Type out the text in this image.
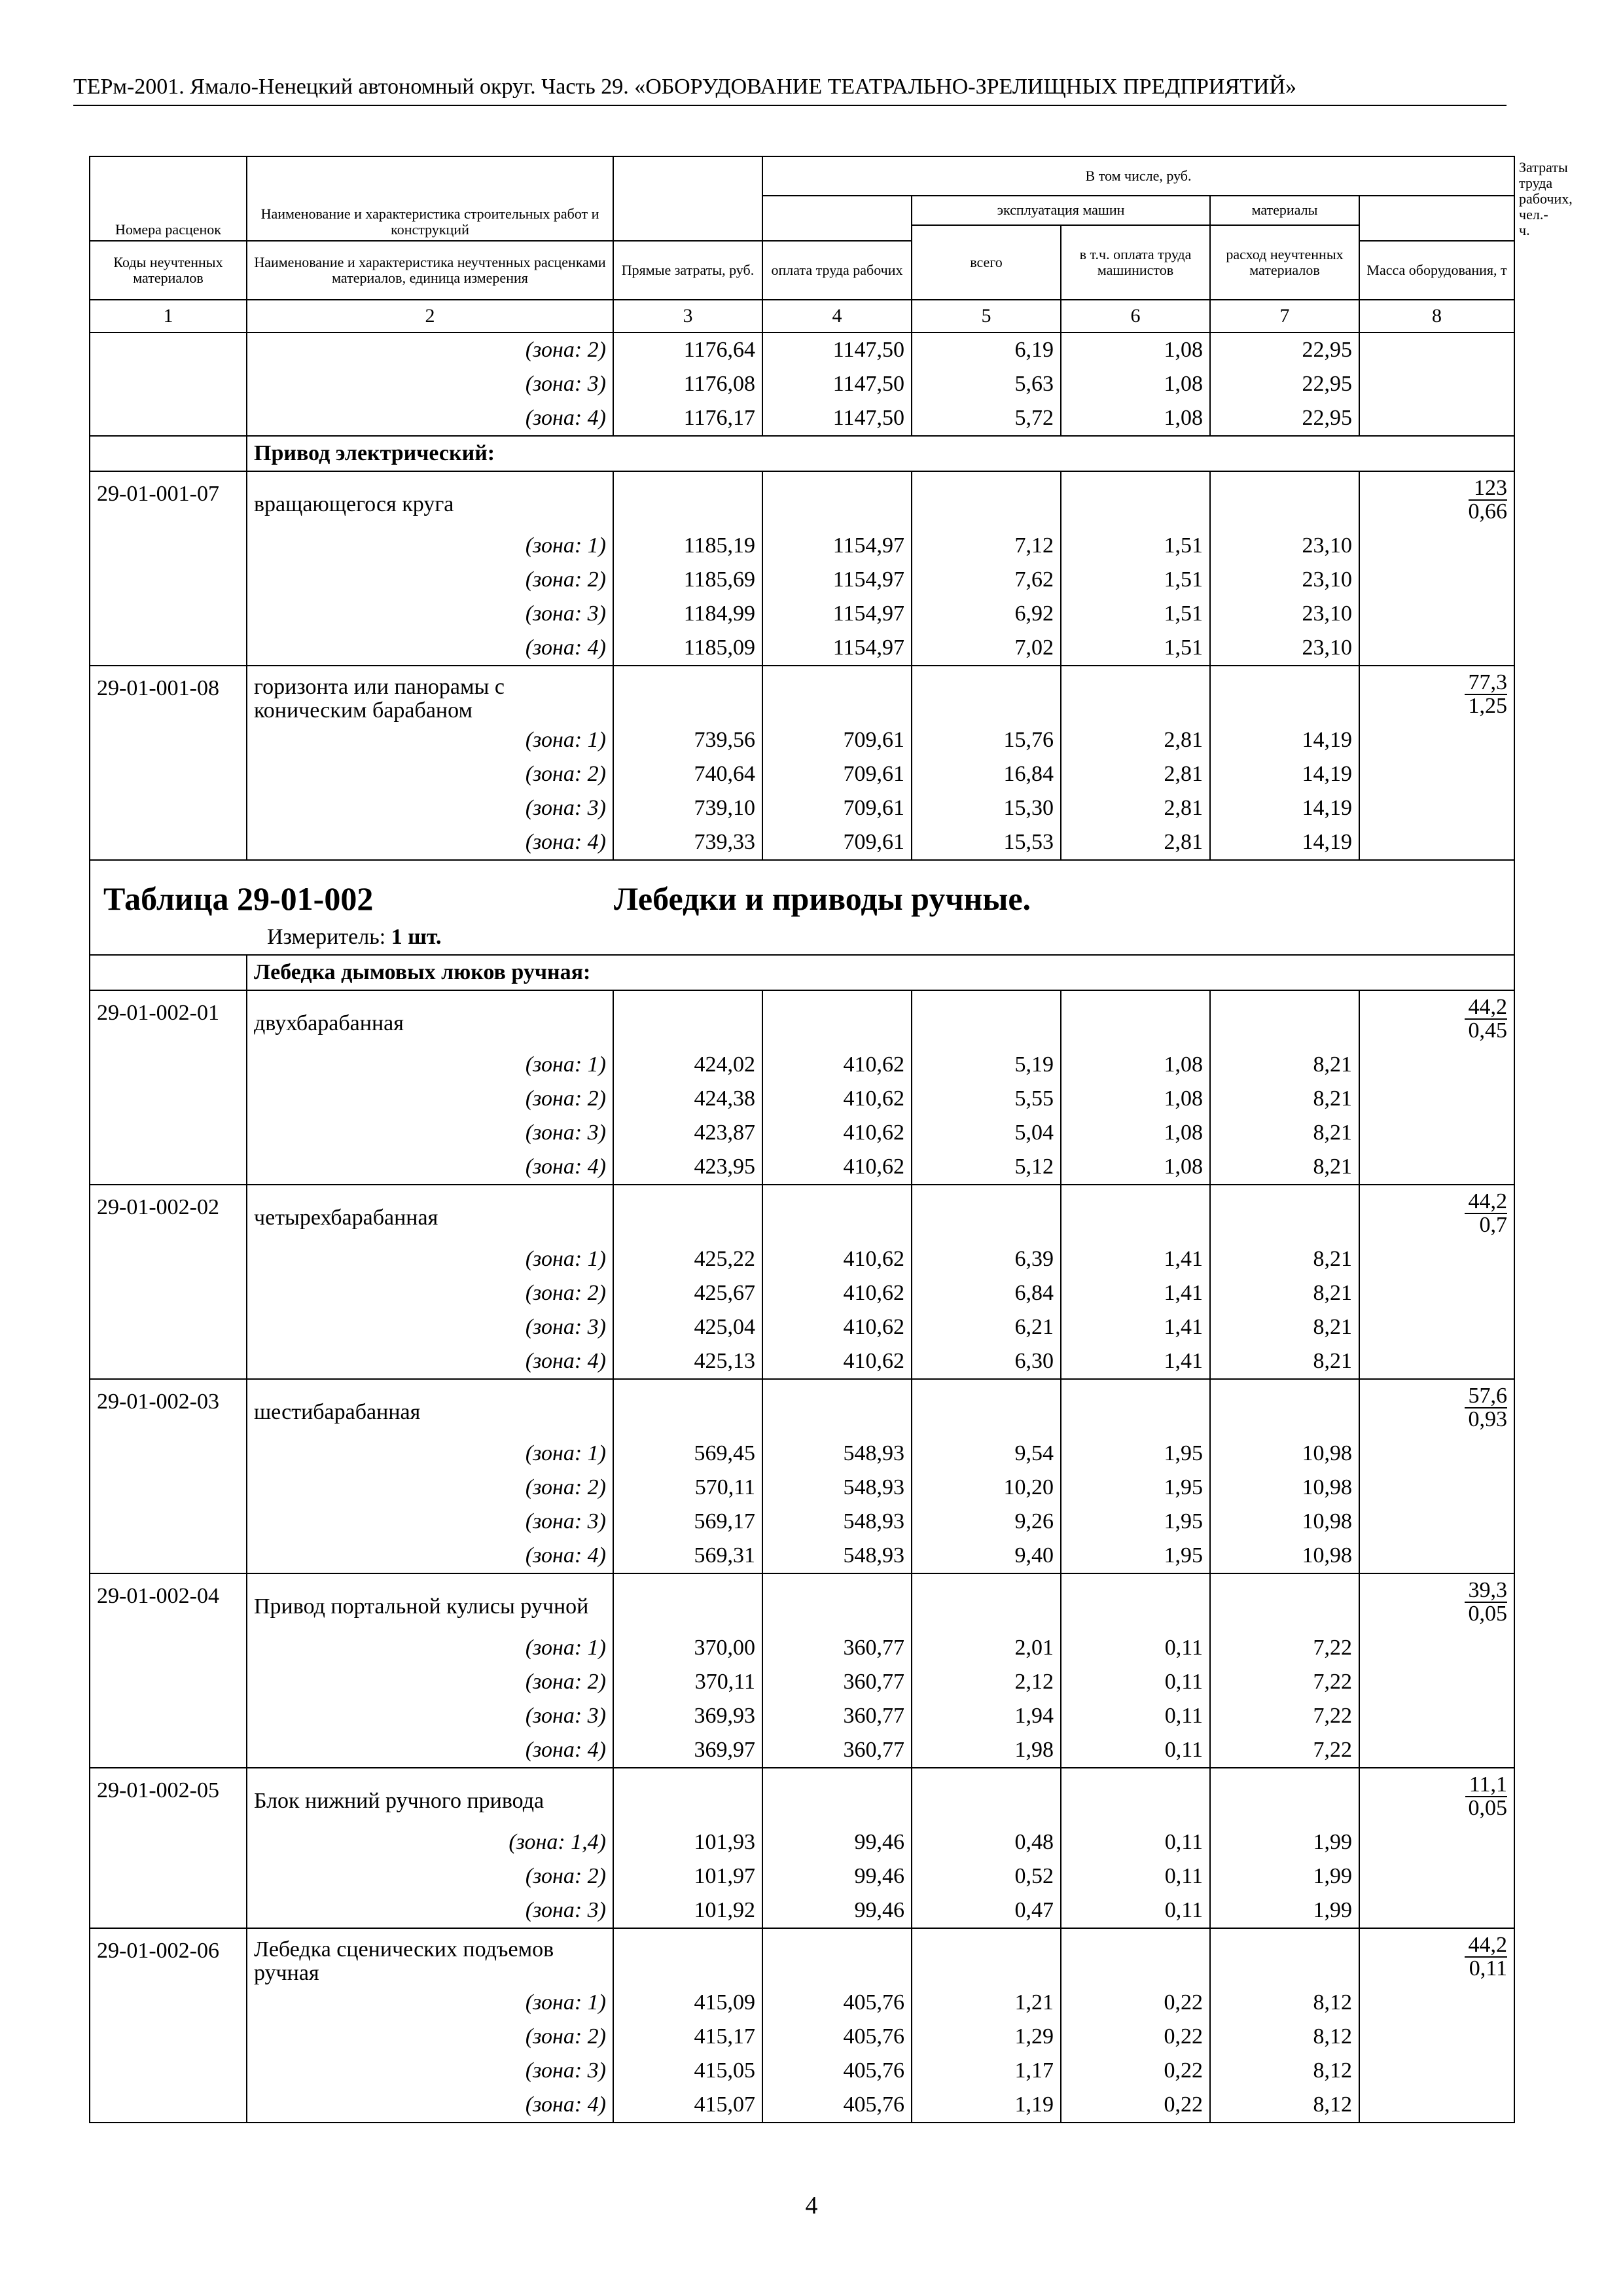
ТЕРм-2001. Ямало-Ненецкий автономный округ. Часть 29. «ОБОРУДОВАНИЕ ТЕАТРАЛЬНО-ЗРЕЛИЩНЫХ ПРЕДПРИЯТИЙ»
Номера расценок	Наименование и характеристика строительных работ и конструкций		В том числе, руб.					Затраты труда рабочих, чел.-ч.
				эксплуатация машин		материалы		
				всего	в т.ч. оплата труда машинистов	расход неучтенных материалов		
Коды неучтенных материалов	Наименование и характеристика неучтенных расценками материалов, единица измерения	Прямые затраты, руб.	оплата труда рабочих				Масса оборудования, т	
1	2	3	4	5	6	7	8	
	(зона: 2)	1176,64	1147,50	6,19	1,08	22,95		
	(зона: 3)	1176,08	1147,50	5,63	1,08	22,95		
	(зона: 4)	1176,17	1147,50	5,72	1,08	22,95		
	Привод электрический:							
29-01-001-07	вращающегося круга						$\frac{123}{0,66}$

	(зона: 1)	1185,19	1154,97	7,12	1,51	23,10		
	(зона: 2)	1185,69	1154,97	7,62	1,51	23,10		
	(зона: 3)	1184,99	1154,97	6,92	1,51	23,10		
	(зона: 4)	1185,09	1154,97	7,02	1,51	23,10		
29-01-001-08	горизонта или панорамы с коническим барабаном						$\frac{77,3}{1,25}$

	(зона: 1)	739,56	709,61	15,76	2,81	14,19		
	(зона: 2)	740,64	709,61	16,84	2,81	14,19		
	(зона: 3)	739,10	709,61	15,30	2,81	14,19		
	(зона: 4)	739,33	709,61	15,53	2,81	14,19		
Таблица 29-01-002 Лебедки и приводы ручные.
Измеритель: 1 шт.								

	Лебедка дымовых люков ручная:							
29-01-002-01	двухбарабанная						$\frac{44,2}{0,45}$

	(зона: 1)	424,02	410,62	5,19	1,08	8,21		
	(зона: 2)	424,38	410,62	5,55	1,08	8,21		
	(зона: 3)	423,87	410,62	5,04	1,08	8,21		
	(зона: 4)	423,95	410,62	5,12	1,08	8,21		
29-01-002-02	четырехбарабанная						$\frac{44,2}{0,7}$

	(зона: 1)	425,22	410,62	6,39	1,41	8,21		
	(зона: 2)	425,67	410,62	6,84	1,41	8,21		
	(зона: 3)	425,04	410,62	6,21	1,41	8,21		
	(зона: 4)	425,13	410,62	6,30	1,41	8,21		
29-01-002-03	шестибарабанная						$\frac{57,6}{0,93}$

	(зона: 1)	569,45	548,93	9,54	1,95	10,98		
	(зона: 2)	570,11	548,93	10,20	1,95	10,98		
	(зона: 3)	569,17	548,93	9,26	1,95	10,98		
	(зона: 4)	569,31	548,93	9,40	1,95	10,98		
29-01-002-04	Привод портальной кулисы ручной						$\frac{39,3}{0,05}$

	(зона: 1)	370,00	360,77	2,01	0,11	7,22		
	(зона: 2)	370,11	360,77	2,12	0,11	7,22		
	(зона: 3)	369,93	360,77	1,94	0,11	7,22		
	(зона: 4)	369,97	360,77	1,98	0,11	7,22		
29-01-002-05	Блок нижний ручного привода						$\frac{11,1}{0,05}$

	(зона: 1,4)	101,93	99,46	0,48	0,11	1,99		
	(зона: 2)	101,97	99,46	0,52	0,11	1,99		
	(зона: 3)	101,92	99,46	0,47	0,11	1,99		
29-01-002-06	Лебедка сценических подъемов ручная						$\frac{44,2}{0,11}$

	(зона: 1)	415,09	405,76	1,21	0,22	8,12		
	(зона: 2)	415,17	405,76	1,29	0,22	8,12		
	(зона: 3)	415,05	405,76	1,17	0,22	8,12		
	(зона: 4)	415,07	405,76	1,19	0,22	8,12		
4
